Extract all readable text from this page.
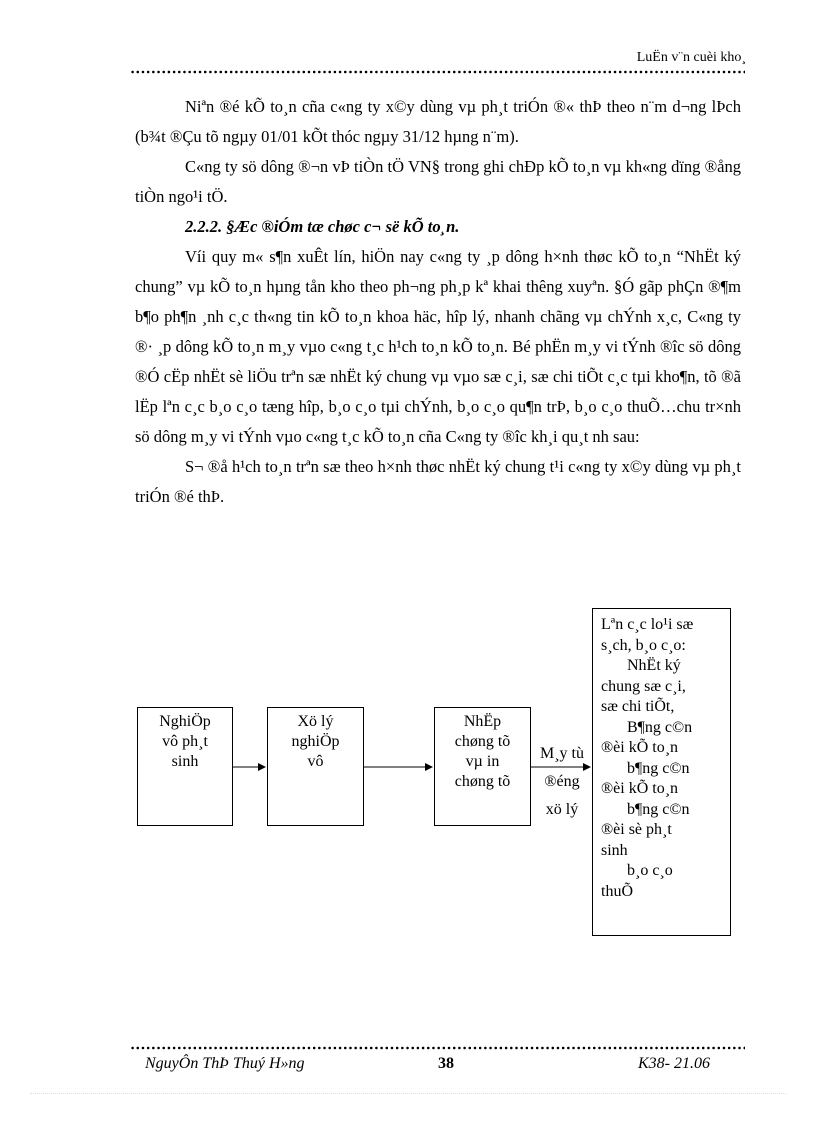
LuËn v¨n cuèi kho¸

Niªn ®é kÕ to¸n cña c«ng ty x©y dùng vµ ph¸t triÓn ®« thÞ theo n¨m d¬ng lÞch (b¾t ®Çu tõ ngµy 01/01 kÕt thóc ngµy 31/12 hµng n¨m).

C«ng ty sö dông ®¬n vÞ tiÒn tÖ VN§ trong ghi chÐp kÕ to¸n vµ kh«ng dïng ®ång tiÒn ngo¹i tÖ.

2.2.2. §Æc ®iÓm tæ chøc c¬ së kÕ to¸n.

Víi quy m« s¶n xuÊt lín, hiÖn nay c«ng ty ¸p dông h×nh thøc kÕ to¸n “NhËt ký chung” vµ kÕ to¸n hµng tån kho theo ph¬ng ph¸p kª khai thêng xuyªn. §Ó gãp phÇn ®¶m b¶o ph¶n ¸nh c¸c th«ng tin kÕ to¸n khoa häc, hîp lý, nhanh chãng vµ chÝnh x¸c, C«ng ty ®· ¸p dông kÕ to¸n m¸y vµo c«ng t¸c h¹ch to¸n kÕ to¸n. Bé phËn m¸y vi tÝnh ®îc sö dông ®Ó cËp nhËt sè liÖu trªn sæ nhËt ký chung vµ vµo sæ c¸i, sæ chi tiÕt c¸c tµi kho¶n, tõ ®ã lËp lªn c¸c b¸o c¸o tæng hîp, b¸o c¸o tµi chÝnh, b¸o c¸o qu¶n trÞ, b¸o c¸o thuÕ…chu tr×nh sö dông m¸y vi tÝnh vµo c«ng t¸c kÕ to¸n cña C«ng ty ®îc kh¸i qu¸t nh sau:

S¬ ®å h¹ch to¸n trªn sæ theo h×nh thøc nhËt ký chung t¹i c«ng ty x©y dùng vµ ph¸t triÓn ®é thÞ.

NghiÖp
vô ph¸t
sinh
Xö lý
nghiÖp
vô
NhËp
chøng tõ
vµ in
chøng tõ
M¸y tù
®éng
xö lý
Lªn c¸c lo¹i sæ
s¸ch, b¸o c¸o:
NhËt ký
chung sæ c¸i,
sæ chi tiÕt,
B¶ng c©n
®èi kÕ to¸n
b¶ng c©n
®èi kÕ to¸n
b¶ng c©n
®èi sè ph¸t
sinh
b¸o c¸o
thuÕ
NguyÔn ThÞ Thuý H»ng	38	K38- 21.06
